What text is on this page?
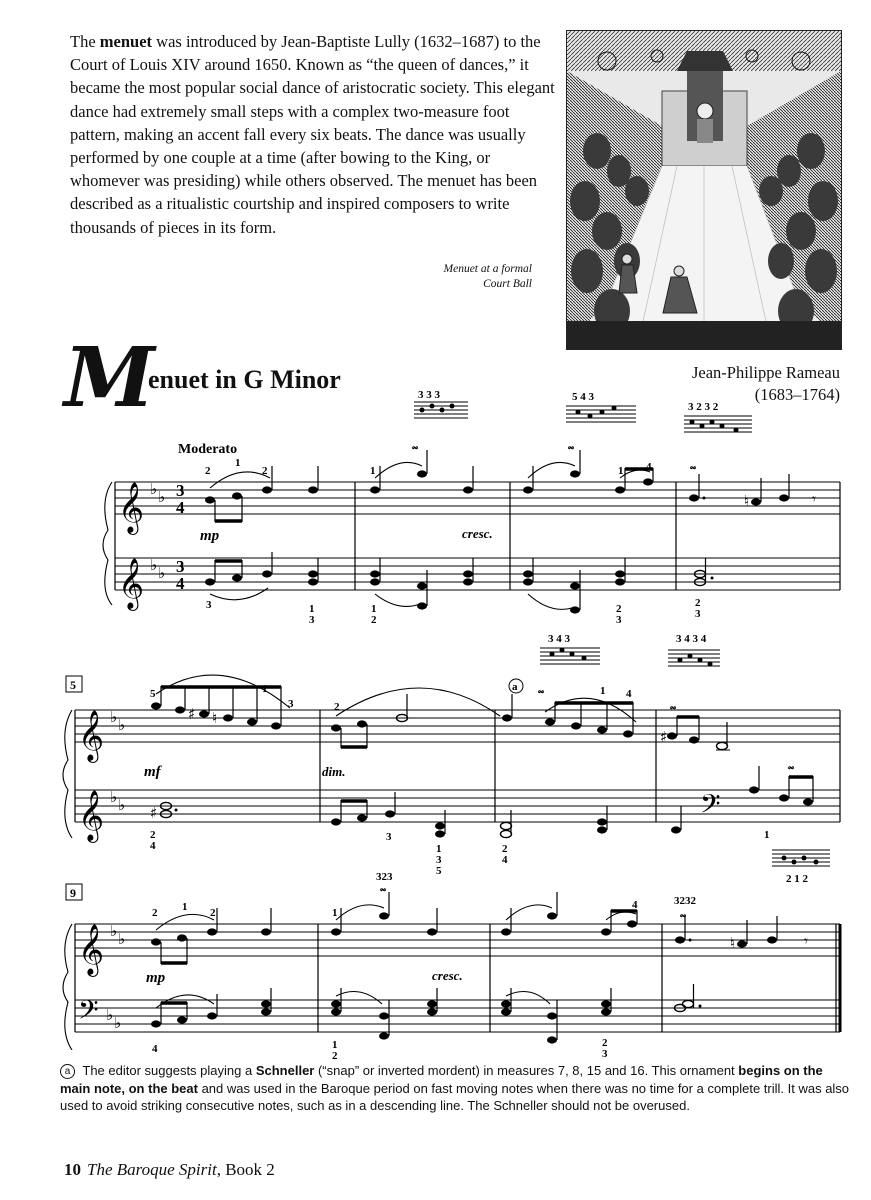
The menuet was introduced by Jean-Baptiste Lully (1632–1687) to the Court of Louis XIV around 1650. Known as “the queen of dances,” it became the most popular social dance of aristocratic society. This elegant dance had extremely small steps with a complex two-measure foot pattern, making an accent fall every six beats. The dance was usually performed by one couple at a time (after bowing to the King, or whomever was presiding) while others observed. The menuet has been described as a ritualistic courtship and inspired composers to write thousands of pieces in its form.

Menuet at a formal
Court Ball
M
enuet in G Minor	Jean-Philippe Rameau
(1683–1764)
Moderato
𝄞
𝄞
♭ ♭
♭ ♭
3
4
3
4
♮	𝄾
mp	cresc.
2
1
2	1	1 4
3	1
3
1
2
2
3
2
3
𝆗	𝆗
𝆗
3 3 3	5 4 3
3 2 3 2
5
𝄞
𝄞
♭ ♭
♭ ♭
♯ ♮
♯
♯	𝄢
mf	dim.
a
5	1
3	2
1 4
2
4
3
1
3
5
2
4
1
2 1 2
𝆗
𝆗
𝆗
3 4 3	3 4 3 4
9
𝄞
𝄢
♭ ♭
♭ ♭
♮	𝄾
mp	cresc.
2 1 2	1
4
323
3232
𝆗
𝆗
4	1
2
2
3
a The editor suggests playing a Schneller (“snap” or inverted mordent) in measures 7, 8, 15 and 16. This ornament begins on the main note, on the beat and was used in the Baroque period on fast moving notes when there was no time for a complete trill. It was also used to avoid striking consecutive notes, such as in a descending line. The Schneller should not be overused.
10 The Baroque Spirit, Book 2
